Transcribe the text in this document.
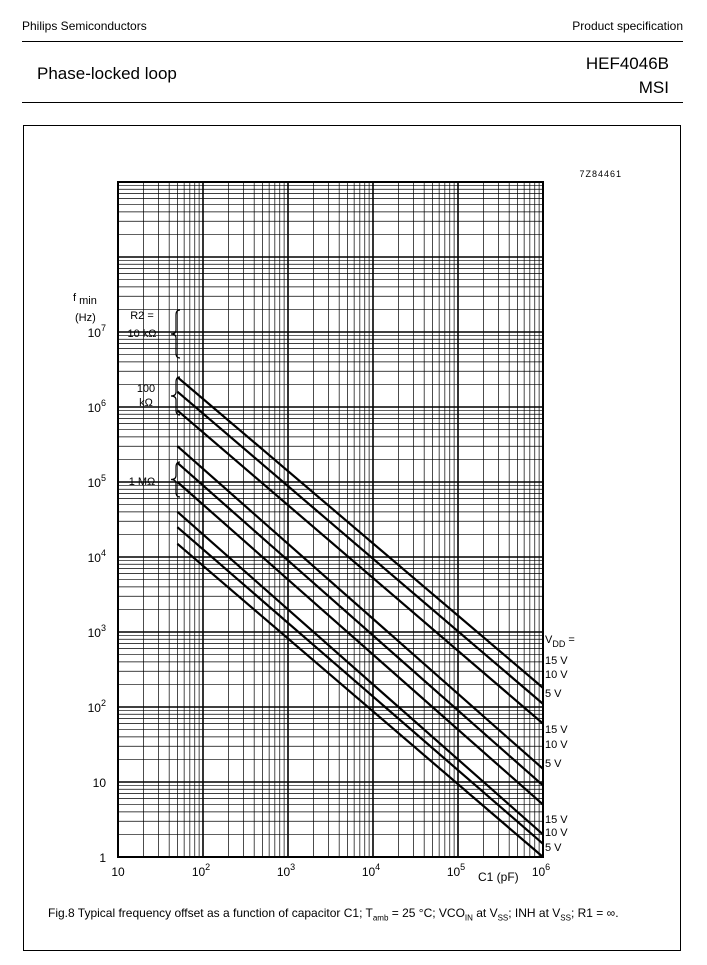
Philips Semiconductors	Product specification
Phase-locked loop
HEF4046B
MSI
10	$10^2$	$10^3$	$10^4$	$10^5$	$10^6$
1
10
$10^2$
$10^3$
$10^4$
$10^5$
$10^6$
$10^7$
7Z84461
f min
(Hz)
C1 (pF)
R2 =
10 kΩ
100
kΩ
1 MΩ
$V_{DD}$ =
15 V
10 V
5 V
15 V
10 V
5 V
15 V
10 V
5 V
Fig.8 Typical frequency offset as a function of capacitor C1; $T_{amb} = 25$ °C; $VCO_{IN}$ at $V_{SS}$; INH at $V_{SS}$; R1 = ∞.
